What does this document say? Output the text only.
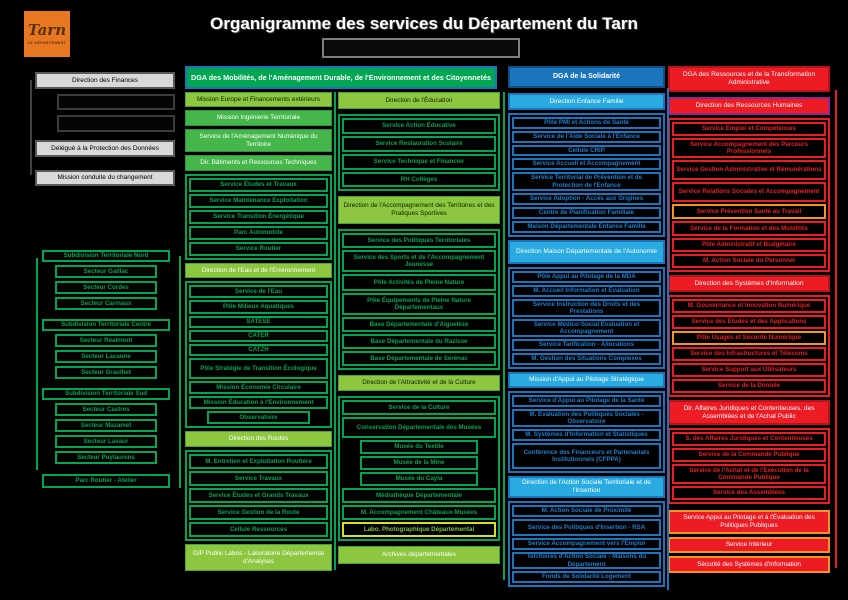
Tarn
LE DÉPARTEMENT
Organigramme des services du Département du Tarn
DGA des Mobilités, de l'Aménagement Durable, de l'Environnement et des Citoyennetés
Direction des Finances
Délégué à la Protection des Données
Mission conduite du changement
Subdivision Territoriale Nord
Secteur Gaillac
Secteur Cordes
Secteur Carmaux
Subdivision Territoriale Centre
Secteur Réalmont
Secteur Lacaune
Secteur Graulhet
Subdivision Territoriale Sud
Secteur Castres
Secteur Mazamet
Secteur Lavaur
Secteur Puylaurens
Parc Routier - Atelier
Mission Europe et Financements extérieurs
Mission Ingénierie Territoriale
Service de l'Aménagement Numérique du Territoire
Dir. Bâtiments et Ressources Techniques
Service Études et Travaux
Service Maintenance Exploitation
Service Transition Énergétique
Parc Automobile
Service Routier
Direction de l'Eau et de l'Environnement
Service de l'Eau
Pôle Milieux Aquatiques
SATESE
CATER
CATZH
Pôle Stratégie de Transition Écologique
Mission Économie Circulaire
Mission Éducation à l'Environnement
Observatoire
Direction des Routes
M. Entretien et Exploitation Routière
Service Travaux
Service Études et Grands Travaux
Service Gestion de la Route
Cellule Ressources
GIP Public Labos - Laboratoire Départemental d'Analyses
Direction de l'Éducation
Service Action Éducative
Service Restauration Scolaire
Service Technique et Financier
RH Collèges
Direction de l'Accompagnement des Territoires et des Pratiques Sportives
Service des Politiques Territoriales
Service des Sports et de l'Accompagnement Jeunesse
Pôle Activités de Pleine Nature
Pôle Équipements de Pleine Nature Départementaux
Base Départementale d'Aiguelèze
Base Départementale du Razisse
Base Départementale de Sérénac
Direction de l'Attractivité et de la Culture
Service de la Culture
Conservation Départementale des Musées
Musée du Textile
Musée de la Mine
Musée du Cayla
Médiathèque Départementale
M. Accompagnement Châteaux-Musées
Labo. Photographique Départemental
Archives départementales
DGA de la Solidarité
Direction Enfance Famille
Pôle PMI et Actions de Santé
Service de l'Aide Sociale à l'Enfance
Cellule CRIP
Service Accueil et Accompagnement
Service Territorial de Prévention et de Protection de l'Enfance
Service Adoption - Accès aux Origines
Centre de Planification Familiale
Maison Départementale Enfance Famille
Direction Maison Départementale de l'Autonomie
Pôle Appui au Pilotage de la MDA
M. Accueil Information et Évaluation
Service Instruction des Droits et des Prestations
Service Médico-Social Évaluation et Accompagnement
Service Tarification - Allocations
M. Gestion des Situations Complexes
Mission d'Appui au Pilotage Stratégique
Service d'Appui au Pilotage de la Santé
M. Évaluation des Politiques Sociales - Observatoire
M. Systèmes d'Information et Statistiques
Conférence des Financeurs et Partenariats Institutionnels (CFPPA)
Direction de l'Action Sociale Territoriale et de l'Insertion
M. Action Sociale de Proximité
Service des Politiques d'Insertion - RSA
Service Accompagnement vers l'Emploi
Territoires d'Action Sociale - Maisons du Département
Fonds de Solidarité Logement
DGA des Ressources et de la Transformation Administrative
Direction des Ressources Humaines
Service Emploi et Compétences
Service Accompagnement des Parcours Professionnels
Service Gestion Administrative et Rémunérations
Service Relations Sociales et Accompagnement
Service Prévention Santé au Travail
Service de la Formation et des Mobilités
Pôle Administratif et Budgétaire
M. Action Sociale du Personnel
Direction des Systèmes d'Information
M. Gouvernance et Innovation Numérique
Service des Études et des Applications
Pôle Usages et Sécurité Numérique
Service des Infrastructures et Télécoms
Service Support aux Utilisateurs
Service de la Donnée
Dir. Affaires Juridiques et Contentieuses, des Assemblées et de l'Achat Public
S. des Affaires Juridiques et Contentieuses
Service de la Commande Publique
Service de l'Achat et de l'Exécution de la Commande Publique
Service des Assemblées
Service Appui au Pilotage et à l'Évaluation des Politiques Publiques
Service Intérieur
Sécurité des Systèmes d'Information
